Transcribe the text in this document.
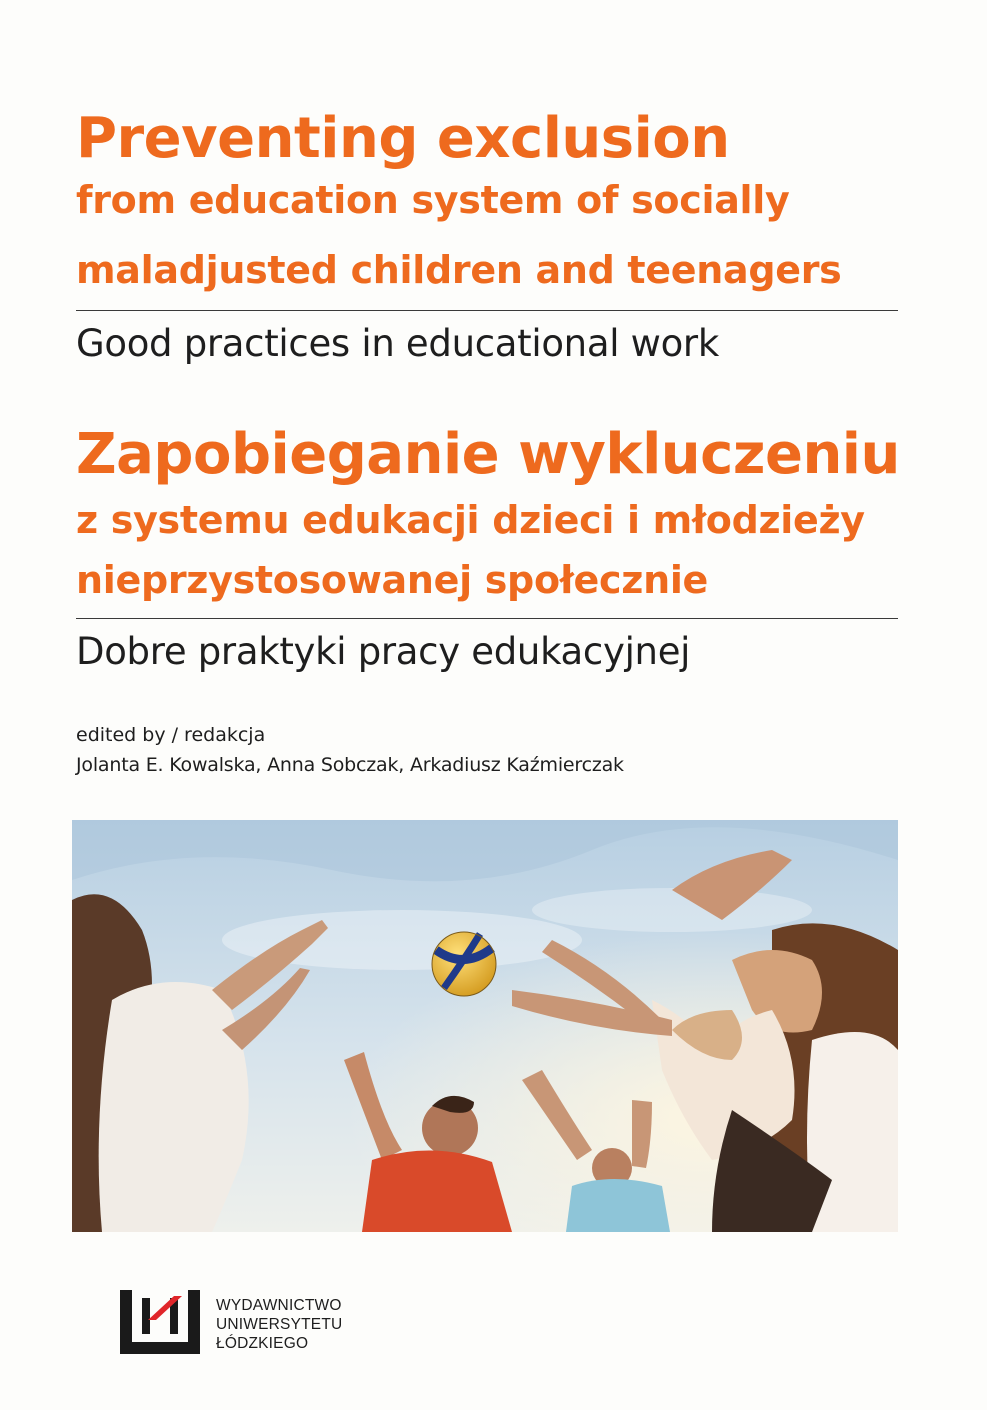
Preventing exclusion
from education system of socially
maladjusted children and teenagers

Good practices in educational work

Zapobieganie wykluczeniu
z systemu edukacji dzieci i młodzieży
nieprzystosowanej społecznie

Dobre praktyki pracy edukacyjnej

edited by / redakcja

Jolanta E. Kowalska, Anna Sobczak, Arkadiusz Kaźmierczak

WYDAWNICTWO
UNIWERSYTETU
ŁÓDZKIEGO
